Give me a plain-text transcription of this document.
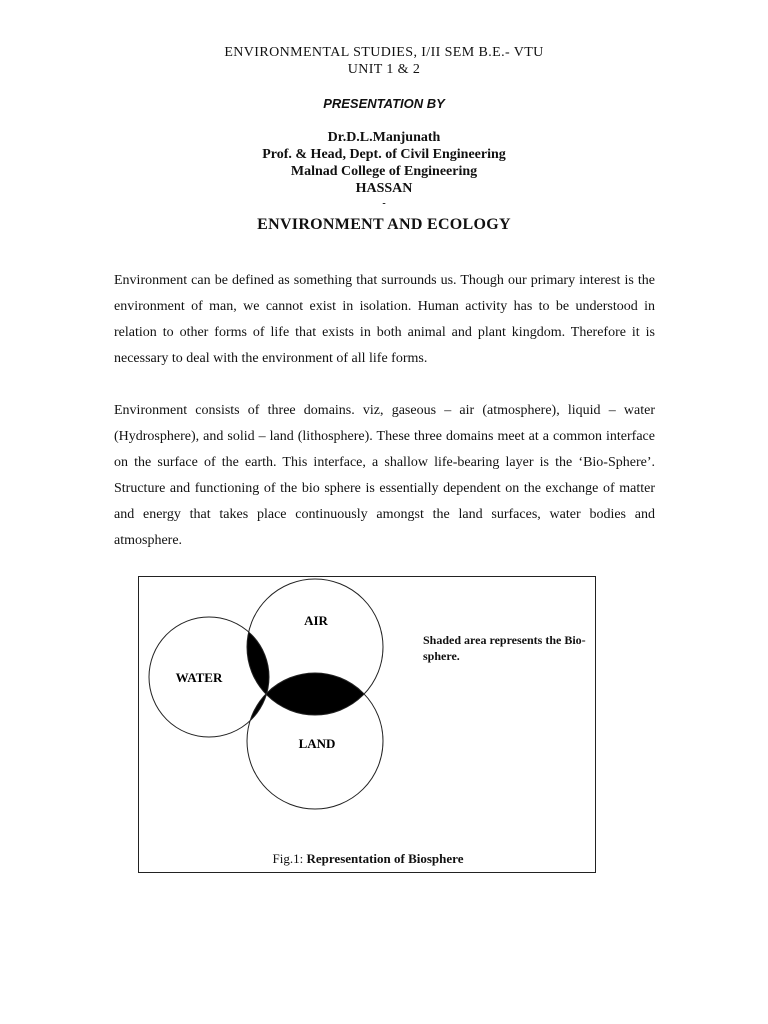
ENVIRONMENTAL STUDIES, I/II SEM B.E.- VTU
UNIT 1 & 2
PRESENTATION BY
Dr.D.L.Manjunath
Prof. & Head, Dept. of Civil Engineering
Malnad College of Engineering
HASSAN
-
ENVIRONMENT AND ECOLOGY

Environment can be defined as something that surrounds us. Though our primary interest is the environment of man, we cannot exist in isolation. Human activity has to be understood in relation to other forms of life that exists in both animal and plant kingdom. Therefore it is necessary to deal with the environment of all life forms.

Environment consists of three domains. viz, gaseous – air (atmosphere), liquid – water (Hydrosphere), and solid – land (lithosphere). These three domains meet at a common interface on the surface of the earth. This interface, a shallow life-bearing layer is the ‘Bio-Sphere’. Structure and functioning of the bio sphere is essentially dependent on the exchange of matter and energy that takes place continuously amongst the land surfaces, water bodies and atmosphere.

AIR
WATER
LAND
Shaded area represents the Bio-sphere.
Fig.1: Representation of Biosphere
